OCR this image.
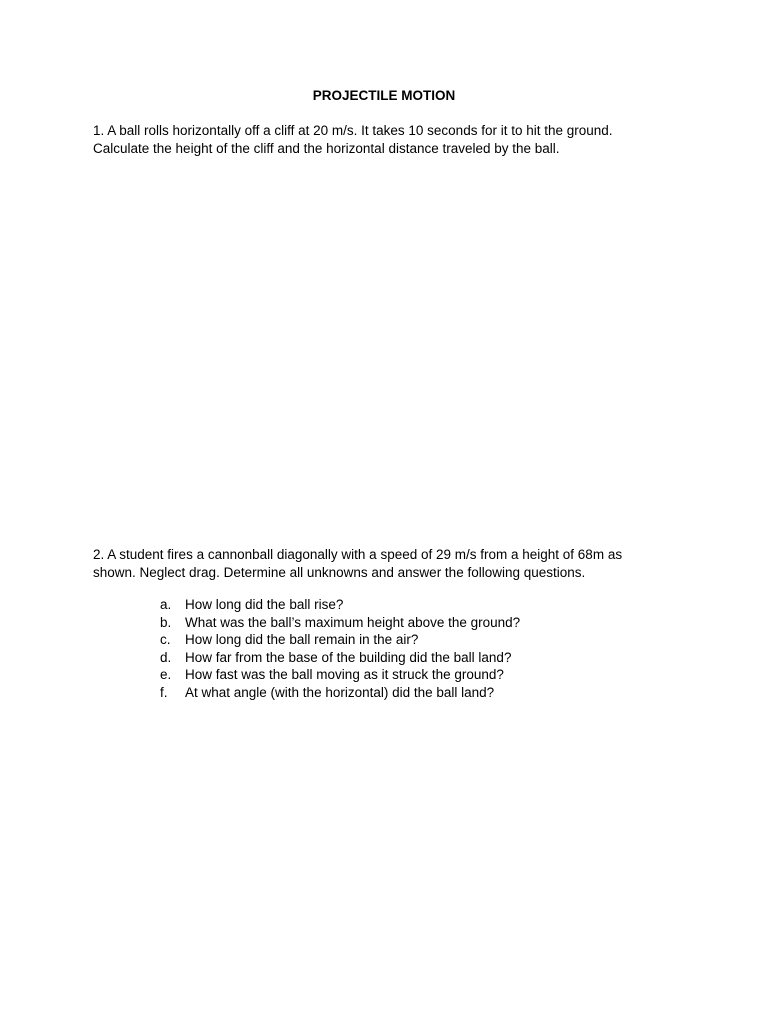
PROJECTILE MOTION
1. A ball rolls horizontally off a cliff at 20 m/s. It takes 10 seconds for it to hit the ground.
Calculate the height of the cliff and the horizontal distance traveled by the ball.
2. A student fires a cannonball diagonally with a speed of 29 m/s from a height of 68m as
shown. Neglect drag. Determine all unknowns and answer the following questions.
a.	How long did the ball rise?
b.	What was the ball’s maximum height above the ground?
c.	How long did the ball remain in the air?
d.	How far from the base of the building did the ball land?
e.	How fast was the ball moving as it struck the ground?
f.	At what angle (with the horizontal) did the ball land?
